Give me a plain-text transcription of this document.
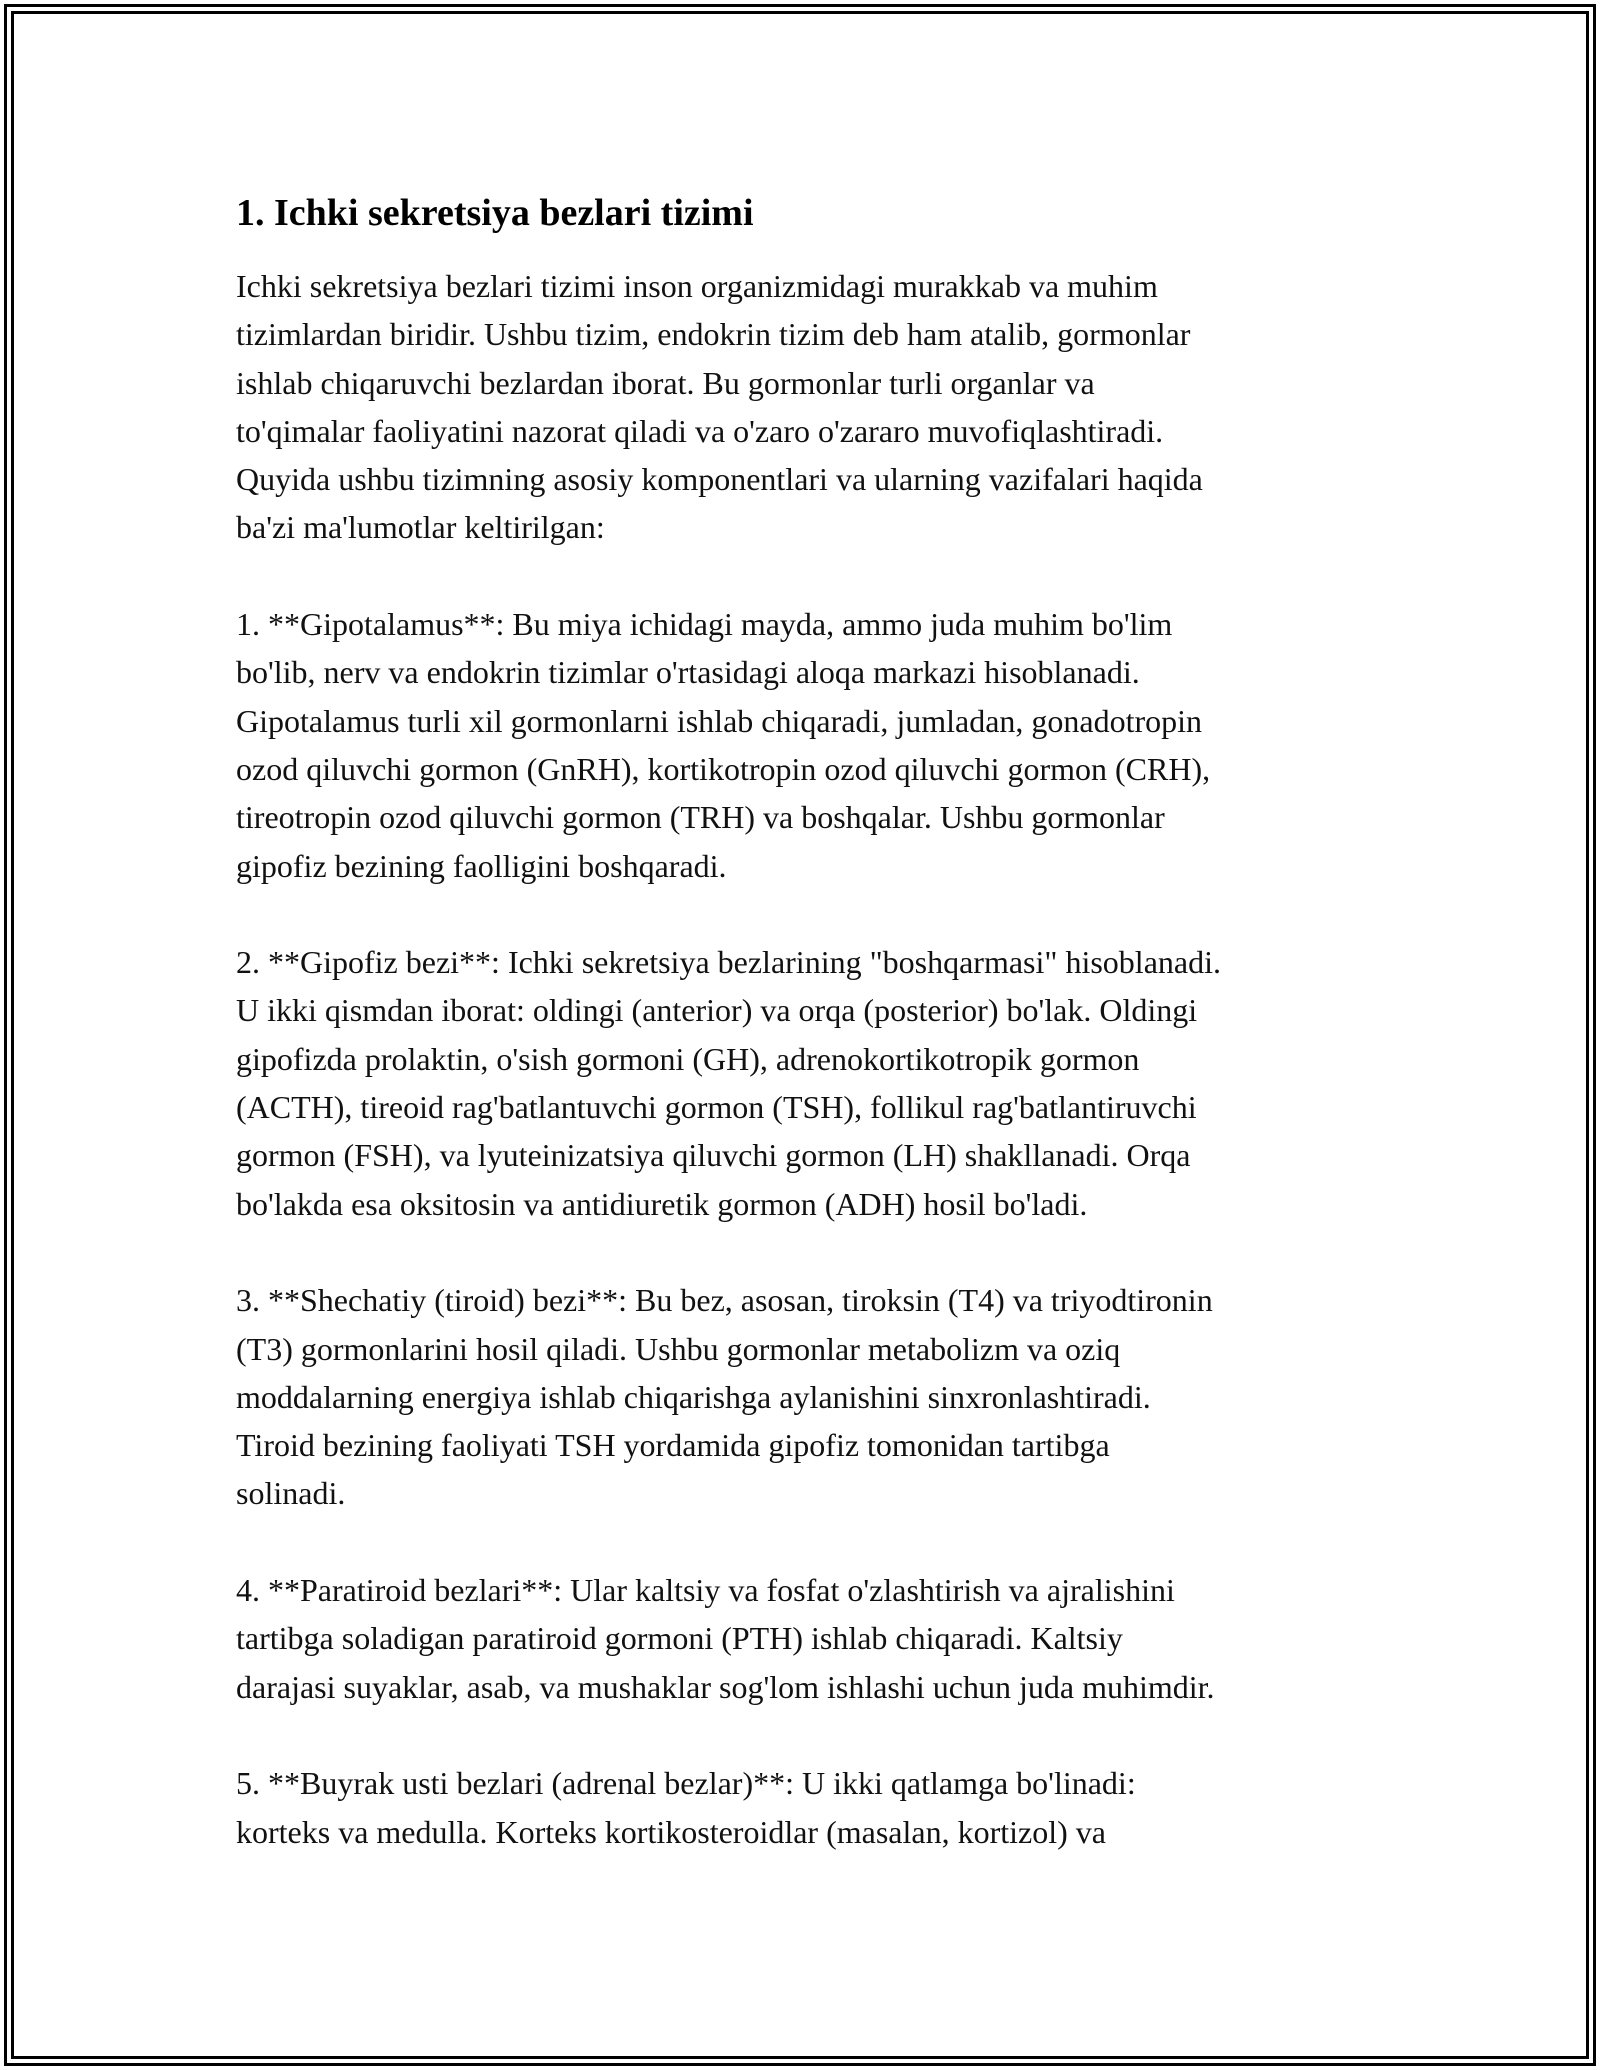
1. Ichki sekretsiya bezlari tizimi

Ichki sekretsiya bezlari tizimi inson organizmidagi murakkab va muhim
tizimlardan biridir. Ushbu tizim, endokrin tizim deb ham atalib, gormonlar
ishlab chiqaruvchi bezlardan iborat. Bu gormonlar turli organlar va
to'qimalar faoliyatini nazorat qiladi va o'zaro o'zararo muvofiqlashtiradi.
Quyida ushbu tizimning asosiy komponentlari va ularning vazifalari haqida
ba'zi ma'lumotlar keltirilgan:

1. **Gipotalamus**: Bu miya ichidagi mayda, ammo juda muhim bo'lim
bo'lib, nerv va endokrin tizimlar o'rtasidagi aloqa markazi hisoblanadi.
Gipotalamus turli xil gormonlarni ishlab chiqaradi, jumladan, gonadotropin
ozod qiluvchi gormon (GnRH), kortikotropin ozod qiluvchi gormon (CRH),
tireotropin ozod qiluvchi gormon (TRH) va boshqalar. Ushbu gormonlar
gipofiz bezining faolligini boshqaradi.

2. **Gipofiz bezi**: Ichki sekretsiya bezlarining "boshqarmasi" hisoblanadi.
U ikki qismdan iborat: oldingi (anterior) va orqa (posterior) bo'lak. Oldingi
gipofizda prolaktin, o'sish gormoni (GH), adrenokortikotropik gormon
(ACTH), tireoid rag'batlantuvchi gormon (TSH), follikul rag'batlantiruvchi
gormon (FSH), va lyuteinizatsiya qiluvchi gormon (LH) shakllanadi. Orqa
bo'lakda esa oksitosin va antidiuretik gormon (ADH) hosil bo'ladi.

3. **Shechatiy (tiroid) bezi**: Bu bez, asosan, tiroksin (T4) va triyodtironin
(T3) gormonlarini hosil qiladi. Ushbu gormonlar metabolizm va oziq
moddalarning energiya ishlab chiqarishga aylanishini sinxronlashtiradi.
Tiroid bezining faoliyati TSH yordamida gipofiz tomonidan tartibga
solinadi.

4. **Paratiroid bezlari**: Ular kaltsiy va fosfat o'zlashtirish va ajralishini
tartibga soladigan paratiroid gormoni (PTH) ishlab chiqaradi. Kaltsiy
darajasi suyaklar, asab, va mushaklar sog'lom ishlashi uchun juda muhimdir.

5. **Buyrak usti bezlari (adrenal bezlar)**: U ikki qatlamga bo'linadi:
korteks va medulla. Korteks kortikosteroidlar (masalan, kortizol) va
